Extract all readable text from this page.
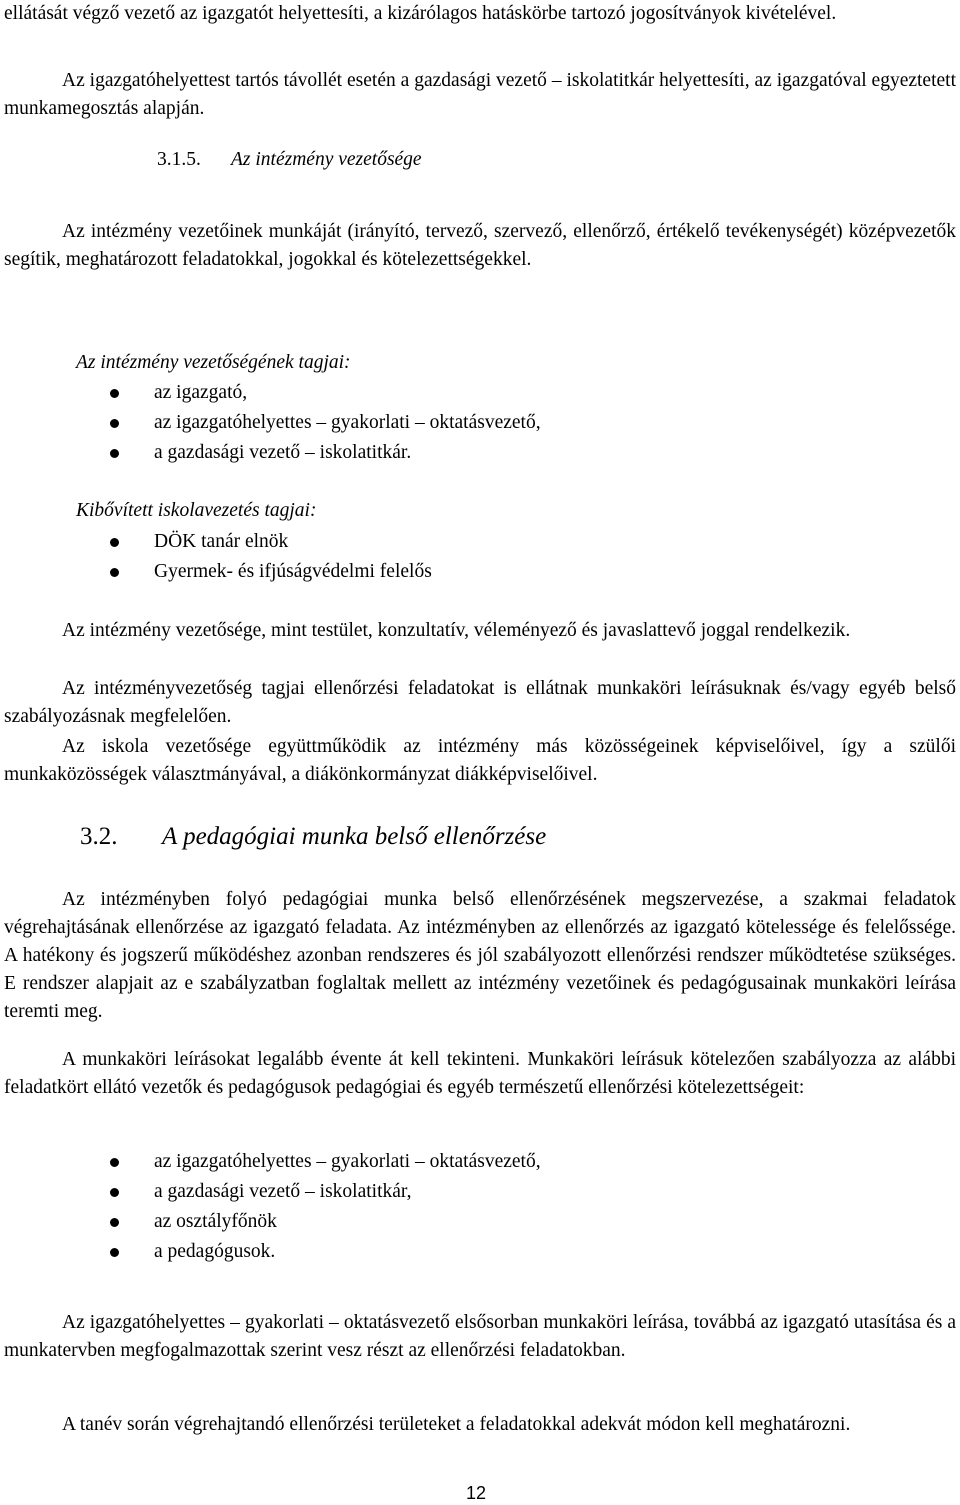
ellátását végző vezető az igazgatót helyettesíti, a kizárólagos hatáskörbe tartozó jogosítványok kivételével.

Az igazgatóhelyettest tartós távollét esetén a gazdasági vezető – iskolatitkár helyettesíti, az igazgatóval egyeztetett munkamegosztás alapján.

3.1.5. Az intézmény vezetősége

Az intézmény vezetőinek munkáját (irányító, tervező, szervező, ellenőrző, értékelő tevékenységét) középvezetők segítik, meghatározott feladatokkal, jogokkal és kötelezettségekkel.

Az intézmény vezetőségének tagjai:
az igazgató,
az igazgatóhelyettes – gyakorlati – oktatásvezető,
a gazdasági vezető – iskolatitkár.
Kibővített iskolavezetés tagjai:
DÖK tanár elnök
Gyermek- és ifjúságvédelmi felelős

Az intézmény vezetősége, mint testület, konzultatív, véleményező és javaslattevő joggal rendelkezik.

Az intézményvezetőség tagjai ellenőrzési feladatokat is ellátnak munkaköri leírásuknak és/vagy egyéb belső szabályozásnak megfelelően.

Az iskola vezetősége együttműködik az intézmény más közösségeinek képviselőivel, így a szülői munkaközösségek választmányával, a diákönkormányzat diákképviselőivel.

3.2. A pedagógiai munka belső ellenőrzése

Az intézményben folyó pedagógiai munka belső ellenőrzésének megszervezése, a szakmai feladatok végrehajtásának ellenőrzése az igazgató feladata. Az intézményben az ellenőrzés az igazgató kötelessége és felelőssége. A hatékony és jogszerű működéshez azonban rendszeres és jól szabályozott ellenőrzési rendszer működtetése szükséges. E rendszer alapjait az e szabályzatban foglaltak mellett az intézmény vezetőinek és pedagógusainak munkaköri leírása teremti meg.

A munkaköri leírásokat legalább évente át kell tekinteni. Munkaköri leírásuk kötelezően szabályozza az alábbi feladatkört ellátó vezetők és pedagógusok pedagógiai és egyéb természetű ellenőrzési kötelezettségeit:

az igazgatóhelyettes – gyakorlati – oktatásvezető,
a gazdasági vezető – iskolatitkár,
az osztályfőnök
a pedagógusok.

Az igazgatóhelyettes – gyakorlati – oktatásvezető elsősorban munkaköri leírása, továbbá az igazgató utasítása és a munkatervben megfogalmazottak szerint vesz részt az ellenőrzési feladatokban.

A tanév során végrehajtandó ellenőrzési területeket a feladatokkal adekvát módon kell meghatározni.

12
